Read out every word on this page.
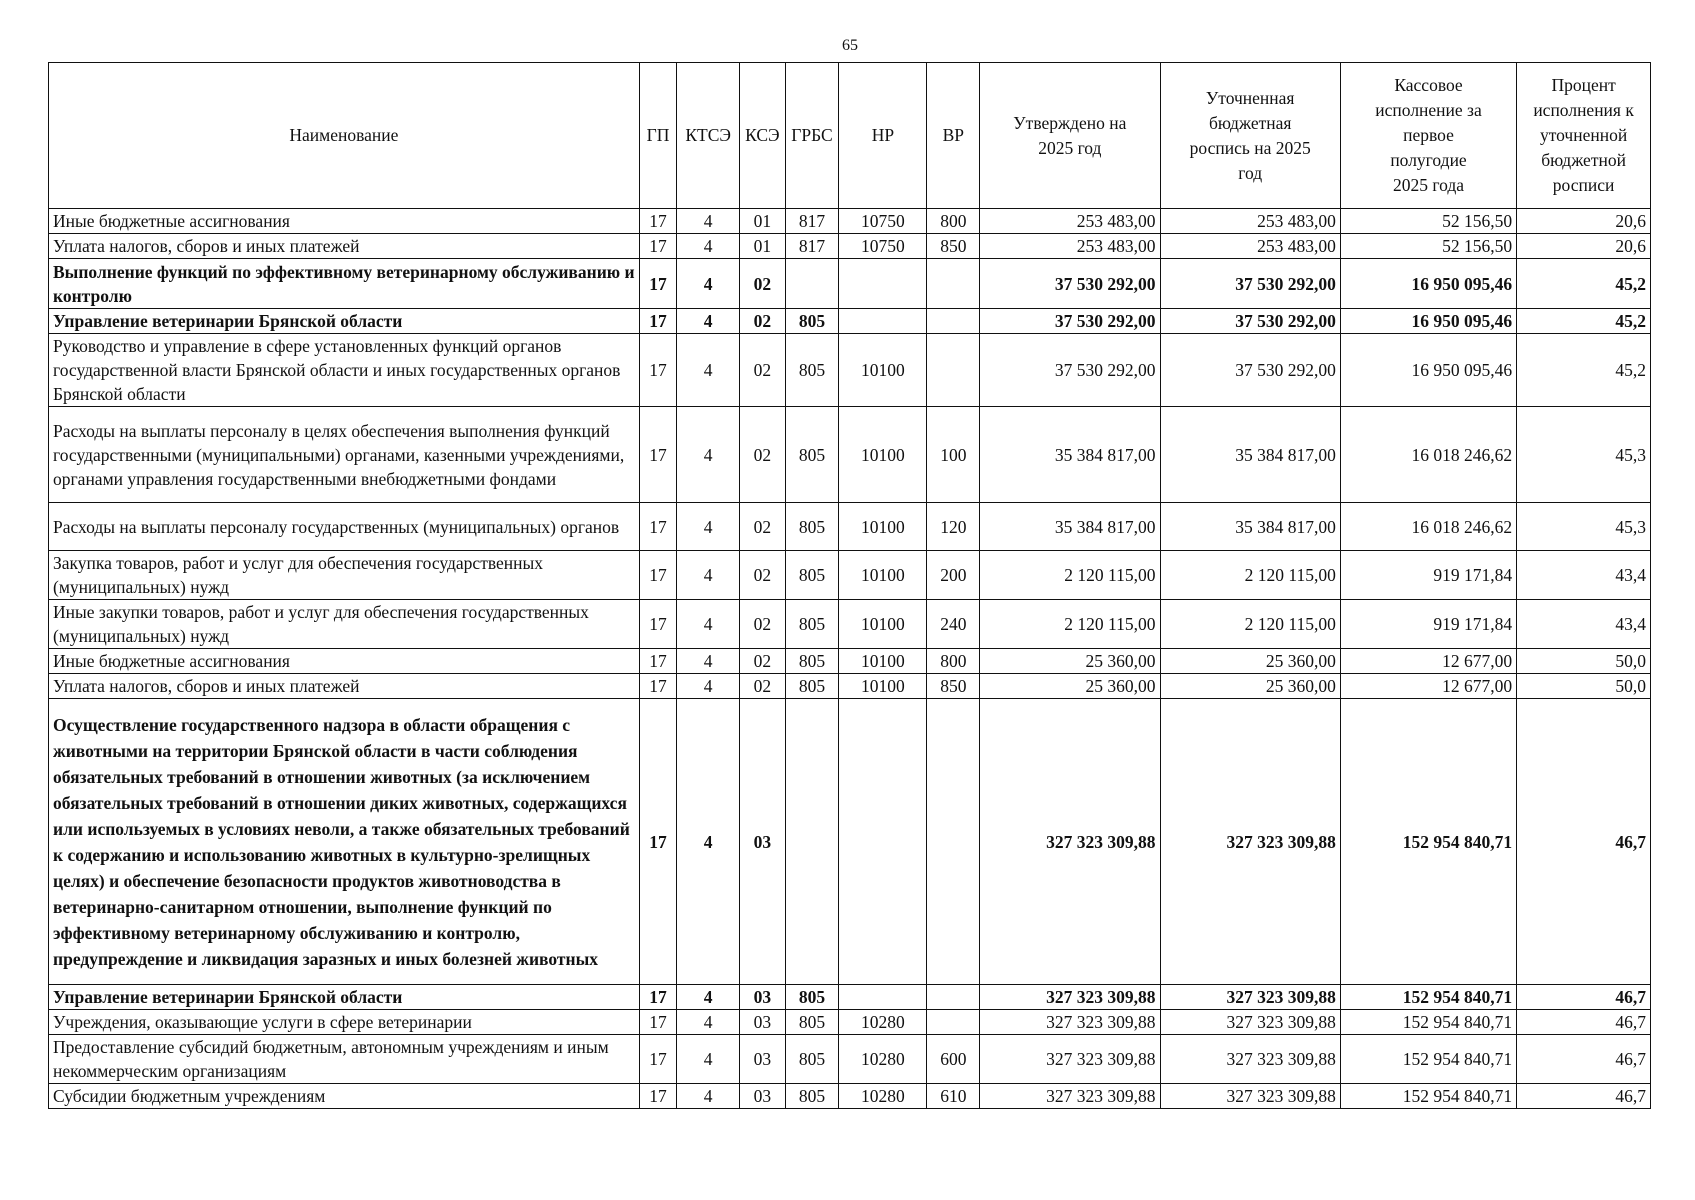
65
Наименование	ГП	КТСЭ	КСЭ	ГРБС	НР	ВР	Утверждено на 2025 год	Уточненная бюджетная роспись на 2025 год	Кассовое исполнение за первое полугодие 2025 года	Процент исполнения к уточненной бюджетной росписи
Иные бюджетные ассигнования	17	4	01	817	10750	800	253 483,00	253 483,00	52 156,50	20,6
Уплата налогов, сборов и иных платежей	17	4	01	817	10750	850	253 483,00	253 483,00	52 156,50	20,6
Выполнение функций по эффективному ветеринарному обслуживанию и контролю	17	4	02				37 530 292,00	37 530 292,00	16 950 095,46	45,2
Управление ветеринарии Брянской области	17	4	02	805			37 530 292,00	37 530 292,00	16 950 095,46	45,2
Руководство и управление в сфере установленных функций органов государственной власти Брянской области и иных государственных органов Брянской области	17	4	02	805	10100		37 530 292,00	37 530 292,00	16 950 095,46	45,2
Расходы на выплаты персоналу в целях обеспечения выполнения функций государственными (муниципальными) органами, казенными учреждениями, органами управления государственными внебюджетными фондами	17	4	02	805	10100	100	35 384 817,00	35 384 817,00	16 018 246,62	45,3
Расходы на выплаты персоналу государственных (муниципальных) органов	17	4	02	805	10100	120	35 384 817,00	35 384 817,00	16 018 246,62	45,3
Закупка товаров, работ и услуг для обеспечения государственных (муниципальных) нужд	17	4	02	805	10100	200	2 120 115,00	2 120 115,00	919 171,84	43,4
Иные закупки товаров, работ и услуг для обеспечения государственных (муниципальных) нужд	17	4	02	805	10100	240	2 120 115,00	2 120 115,00	919 171,84	43,4
Иные бюджетные ассигнования	17	4	02	805	10100	800	25 360,00	25 360,00	12 677,00	50,0
Уплата налогов, сборов и иных платежей	17	4	02	805	10100	850	25 360,00	25 360,00	12 677,00	50,0
Осуществление государственного надзора в области обращения с животными на территории Брянской области в части соблюдения обязательных требований в отношении животных (за исключением обязательных требований в отношении диких животных, содержащихся или используемых в условиях неволи, а также обязательных требований к содержанию и использованию животных в культурно-зрелищных целях) и обеспечение безопасности продуктов животноводства в ветеринарно-санитарном отношении, выполнение функций по эффективному ветеринарному обслуживанию и контролю, предупреждение и ликвидация заразных и иных болезней животных	17	4	03				327 323 309,88	327 323 309,88	152 954 840,71	46,7
Управление ветеринарии Брянской области	17	4	03	805			327 323 309,88	327 323 309,88	152 954 840,71	46,7
Учреждения, оказывающие услуги в сфере ветеринарии	17	4	03	805	10280		327 323 309,88	327 323 309,88	152 954 840,71	46,7
Предоставление субсидий бюджетным, автономным учреждениям и иным некоммерческим организациям	17	4	03	805	10280	600	327 323 309,88	327 323 309,88	152 954 840,71	46,7
Субсидии бюджетным учреждениям	17	4	03	805	10280	610	327 323 309,88	327 323 309,88	152 954 840,71	46,7
